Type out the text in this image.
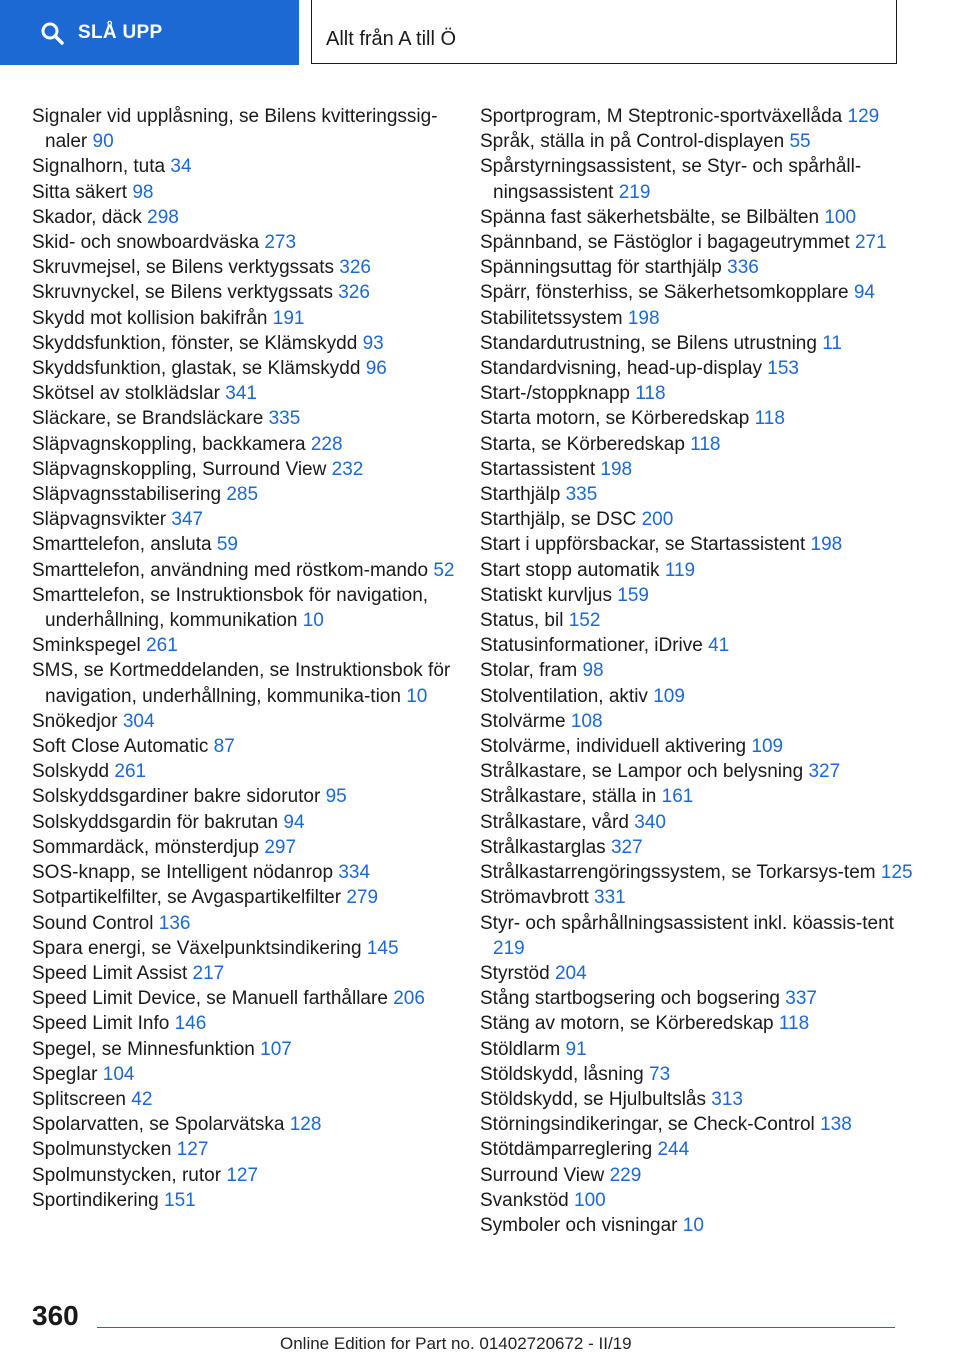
SLÅ UPP	Allt från A till Ö
Signaler vid upplåsning, se Bilens kvitteringssig-naler 90
Signalhorn, tuta 34
Sitta säkert 98
Skador, däck 298
Skid- och snowboardväska 273
Skruvmejsel, se Bilens verktygssats 326
Skruvnyckel, se Bilens verktygssats 326
Skydd mot kollision bakifrån 191
Skyddsfunktion, fönster, se Klämskydd 93
Skyddsfunktion, glastak, se Klämskydd 96
Skötsel av stolklädslar 341
Släckare, se Brandsläckare 335
Släpvagnskoppling, backkamera 228
Släpvagnskoppling, Surround View 232
Släpvagnsstabilisering 285
Släpvagnsvikter 347
Smarttelefon, ansluta 59
Smarttelefon, användning med röstkom-mando 52
Smarttelefon, se Instruktionsbok för navigation, underhållning, kommunikation 10
Sminkspegel 261
SMS, se Kortmeddelanden, se Instruktionsbok för navigation, underhållning, kommunika-tion 10
Snökedjor 304
Soft Close Automatic 87
Solskydd 261
Solskyddsgardiner bakre sidorutor 95
Solskyddsgardin för bakrutan 94
Sommardäck, mönsterdjup 297
SOS-knapp, se Intelligent nödanrop 334
Sotpartikelfilter, se Avgaspartikelfilter 279
Sound Control 136
Spara energi, se Växelpunktsindikering 145
Speed Limit Assist 217
Speed Limit Device, se Manuell farthållare 206
Speed Limit Info 146
Spegel, se Minnesfunktion 107
Speglar 104
Splitscreen 42
Spolarvatten, se Spolarvätska 128
Spolmunstycken 127
Spolmunstycken, rutor 127
Sportindikering 151
Sportprogram, M Steptronic-sportväxellåda 129
Språk, ställa in på Control-displayen 55
Spårstyrningsassistent, se Styr- och spårhåll-ningsassistent 219
Spänna fast säkerhetsbälte, se Bilbälten 100
Spännband, se Fästöglor i bagageutrymmet 271
Spänningsuttag för starthjälp 336
Spärr, fönsterhiss, se Säkerhetsomkopplare 94
Stabilitetssystem 198
Standardutrustning, se Bilens utrustning 11
Standardvisning, head-up-display 153
Start-/stoppknapp 118
Starta motorn, se Körberedskap 118
Starta, se Körberedskap 118
Startassistent 198
Starthjälp 335
Starthjälp, se DSC 200
Start i uppförsbackar, se Startassistent 198
Start stopp automatik 119
Statiskt kurvljus 159
Status, bil 152
Statusinformationer, iDrive 41
Stolar, fram 98
Stolventilation, aktiv 109
Stolvärme 108
Stolvärme, individuell aktivering 109
Strålkastare, se Lampor och belysning 327
Strålkastare, ställa in 161
Strålkastare, vård 340
Strålkastarglas 327
Strålkastarrengöringssystem, se Torkarsys-tem 125
Strömavbrott 331
Styr- och spårhållningsassistent inkl. köassis-tent 219
Styrstöd 204
Stång startbogsering och bogsering 337
Stäng av motorn, se Körberedskap 118
Stöldlarm 91
Stöldskydd, låsning 73
Stöldskydd, se Hjulbultslås 313
Störningsindikeringar, se Check-Control 138
Stötdämparreglering 244
Surround View 229
Svankstöd 100
Symboler och visningar 10
360
Online Edition for Part no. 01402720672 - II/19
